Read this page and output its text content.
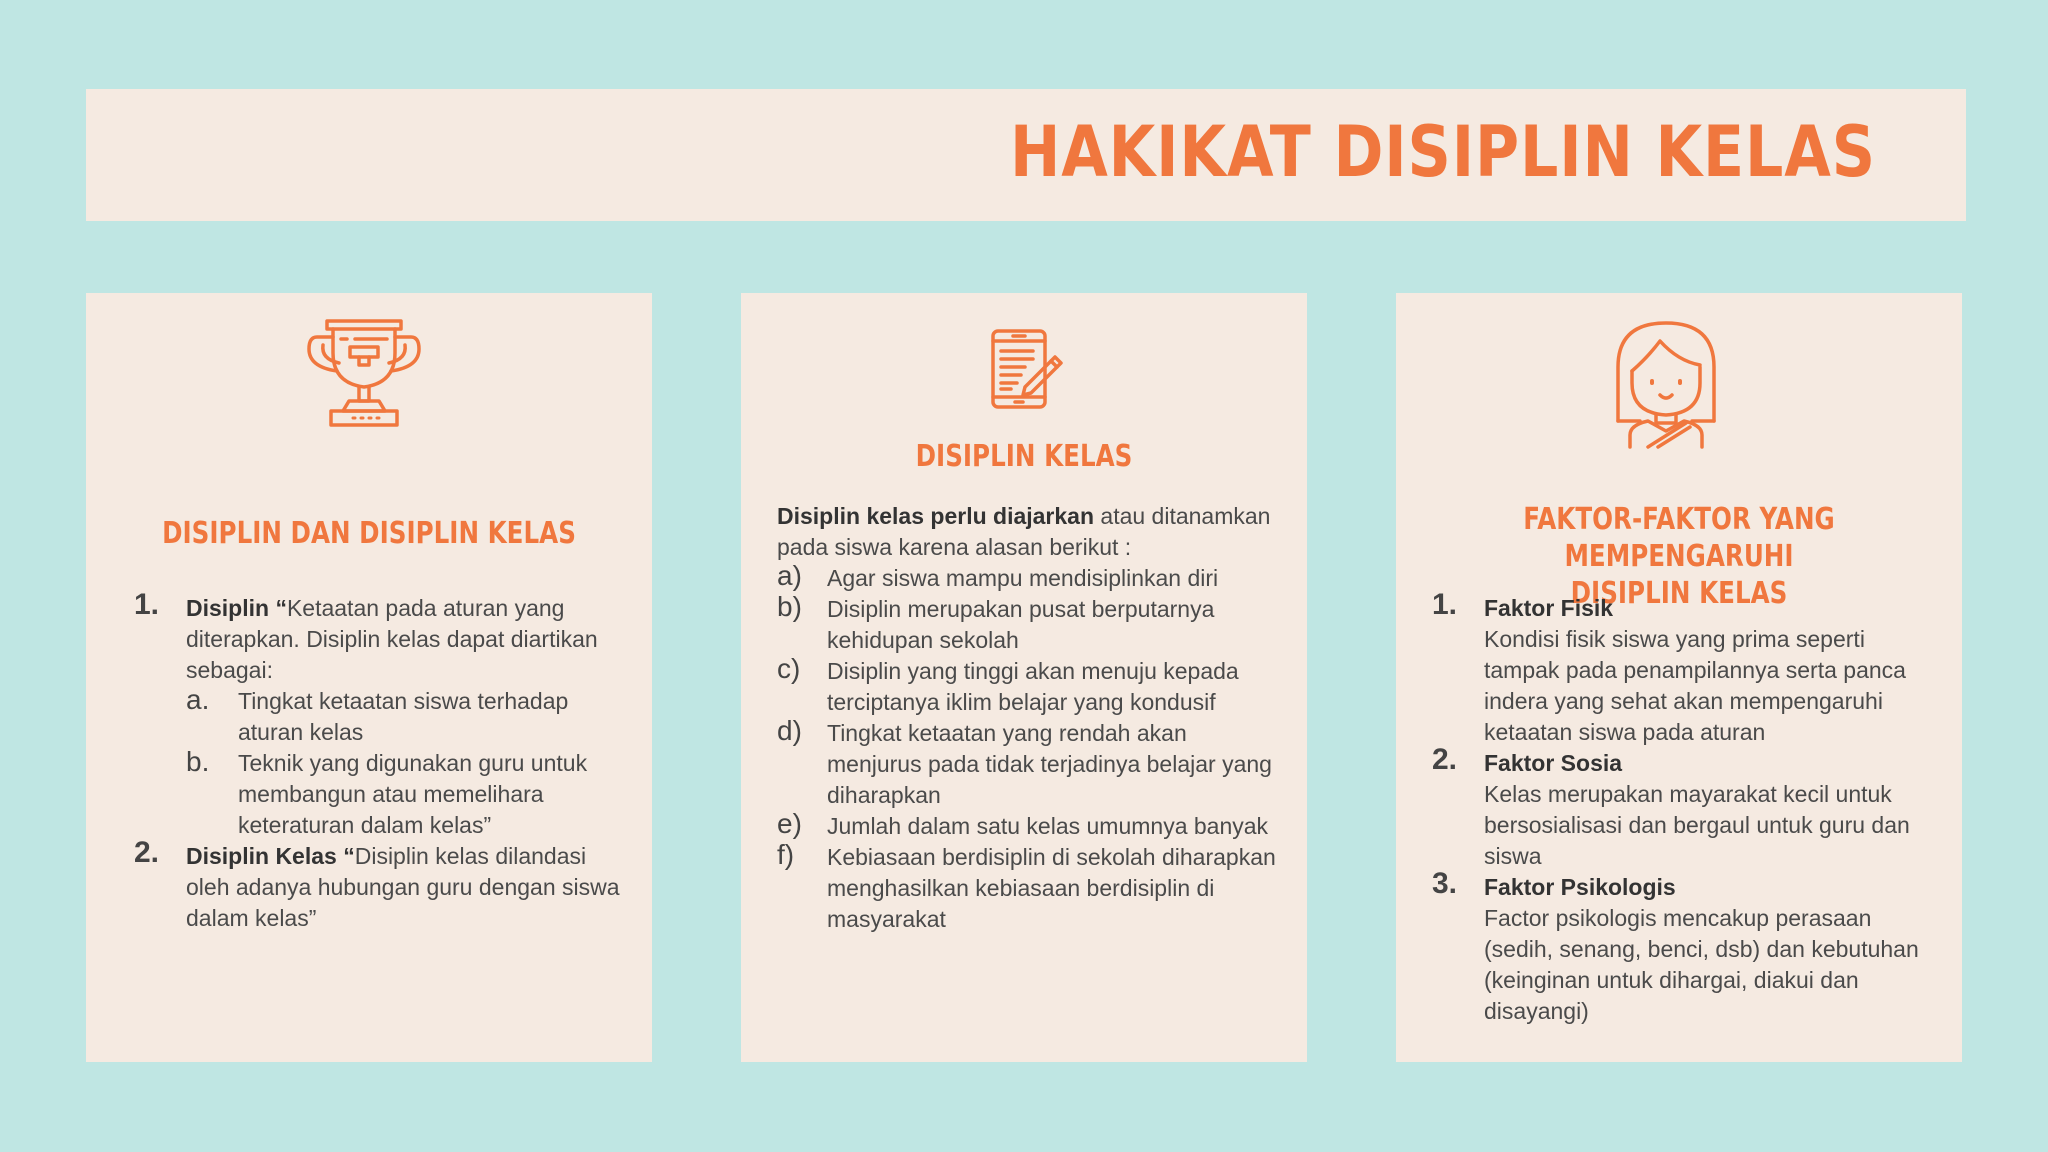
HAKIKAT DISIPLIN KELAS
DISIPLIN DAN DISIPLIN KELAS
1. Disiplin “Ketaatan pada aturan yang diterapkan. Disiplin kelas dapat diartikan sebagai:
a. Tingkat ketaatan siswa terhadap aturan kelas
b. Teknik yang digunakan guru untuk membangun atau memelihara keteraturan dalam kelas”
2. Disiplin Kelas “Disiplin kelas dilandasi oleh adanya hubungan guru dengan siswa dalam kelas”
DISIPLIN KELAS
Disiplin kelas perlu diajarkan atau ditanamkan pada siswa karena alasan berikut :
a) Agar siswa mampu mendisiplinkan diri
b) Disiplin merupakan pusat berputarnya kehidupan sekolah
c) Disiplin yang tinggi akan menuju kepada terciptanya iklim belajar yang kondusif
d) Tingkat ketaatan yang rendah akan menjurus pada tidak terjadinya belajar yang diharapkan
e) Jumlah dalam satu kelas umumnya banyak
f) Kebiasaan berdisiplin di sekolah diharapkan menghasilkan kebiasaan berdisiplin di masyarakat
FAKTOR-FAKTOR YANG MEMPENGARUHI
DISIPLIN KELAS
1. Faktor Fisik
Kondisi fisik siswa yang prima seperti tampak pada penampilannya serta panca indera yang sehat akan mempengaruhi ketaatan siswa pada aturan
2. Faktor Sosia
Kelas merupakan mayarakat kecil untuk bersosialisasi dan bergaul untuk guru dan siswa
3. Faktor Psikologis
Factor psikologis mencakup perasaan (sedih, senang, benci, dsb) dan kebutuhan (keinginan untuk dihargai, diakui dan disayangi)
